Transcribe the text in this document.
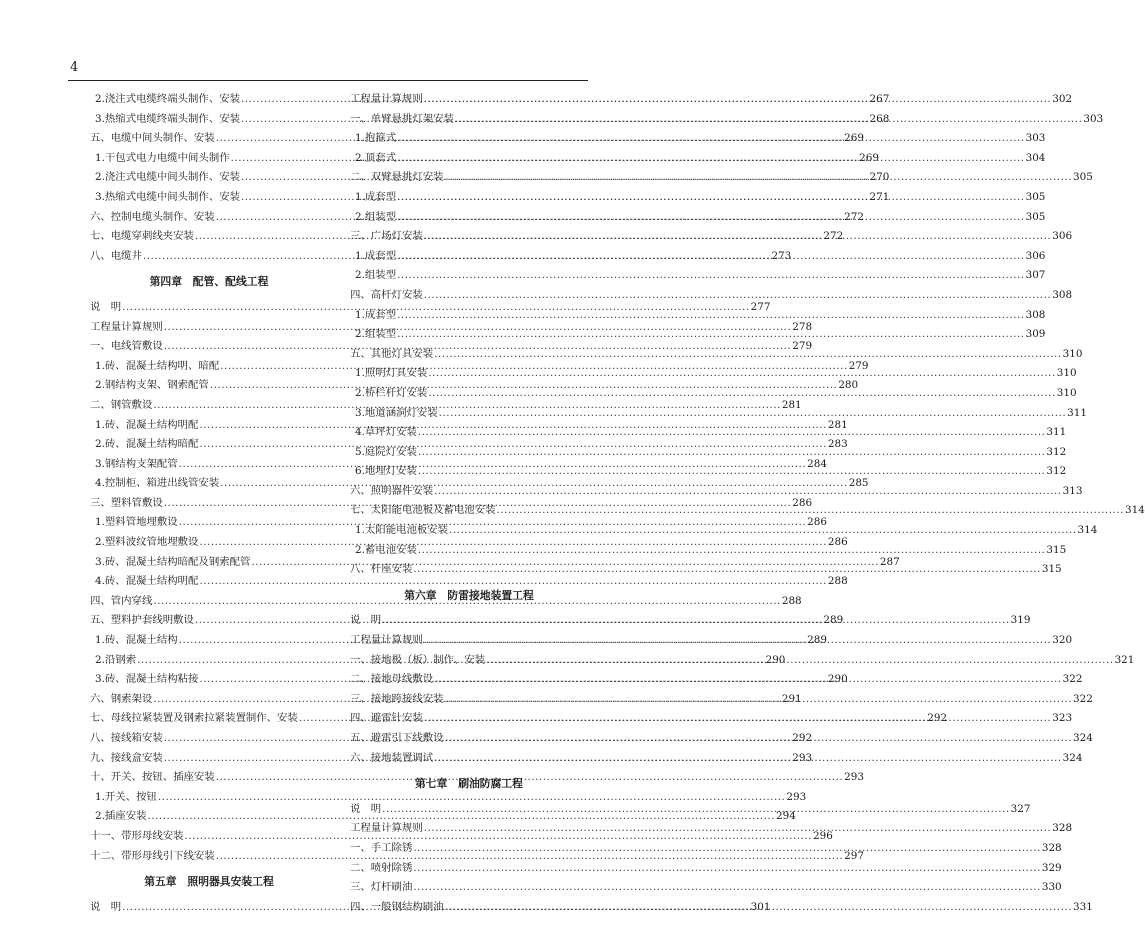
4
2.浇注式电缆终端头制作、安装 .....	267
3.热缩式电缆终端头制作、安装 .....	268
五、电缆中间头制作、安装 .....	269
1.干包式电力电缆中间头制作 .....	269
2.浇注式电缆中间头制作、安装 .....	270
3.热缩式电缆中间头制作、安装 .....	271
六、控制电缆头制作、安装 .....	272
七、电缆穿刺线夹安装 .....	272
八、电缆井 .....	273
第四章　配管、配线工程
说　明 .....	277
工程量计算规则 .....	278
一、电线管敷设 .....	279
1.砖、混凝土结构明、暗配 .....	279
2.钢结构支架、钢索配管 .....	280
二、钢管敷设 .....	281
1.砖、混凝土结构明配 .....	281
2.砖、混凝土结构暗配 .....	283
3.钢结构支架配管 .....	284
4.控制柜、箱进出线管安装 .....	285
三、塑料管敷设 .....	286
1.塑料管地埋敷设 .....	286
2.塑料波纹管地埋敷设 .....	286
3.砖、混凝土结构暗配及钢索配管 .....	287
4.砖、混凝土结构明配 .....	288
四、管内穿线 .....	288
五、塑料护套线明敷设 .....	289
1.砖、混凝土结构 .....	289
2.沿钢索 .....	290
3.砖、混凝土结构粘接 .....	290
六、钢索架设 .....	291
七、母线拉紧装置及钢索拉紧装置制作、安装 .....	292
八、接线箱安装 .....	292
九、接线盒安装 .....	293
十、开关、按钮、插座安装 .....	293
1.开关、按钮 .....	293
2.插座安装 .....	294
十一、带形母线安装 .....	296
十二、带形母线引下线安装 .....	297
第五章　照明器具安装工程
说　明 .....	301
工程量计算规则 .....	302
一、单臂悬挑灯架安装 .....	303
1.抱箍式 .....	303
2.顶套式 .....	304
二、双臂悬挑灯安装 .....	305
1.成套型 .....	305
2.组装型 .....	305
三、广场灯安装 .....	306
1.成套型 .....	306
2.组装型 .....	307
四、高杆灯安装 .....	308
1.成套型 .....	308
2.组装型 .....	309
五、其他灯具安装 .....	310
1.照明灯具安装 .....	310
2.桥栏杆灯安装 .....	310
3.地道涵洞灯安装 .....	311
4.草坪灯安装 .....	311
5.庭院灯安装 .....	312
6.地埋灯安装 .....	312
六、照明器件安装 .....	313
七、太阳能电池板及蓄电池安装 .....	314
1.太阳能电池板安装 .....	314
2.蓄电池安装 .....	315
八、杆座安装 .....	315
第六章　防雷接地装置工程
说　明 .....	319
工程量计算规则 .....	320
一、接地极（板）制作、安装 .....	321
二、接地母线敷设 .....	322
三、接地跨接线安装 .....	322
四、避雷针安装 .....	323
五、避雷引下线敷设 .....	324
六、接地装置调试 .....	324
第七章　刷油防腐工程
说　明 .....	327
工程量计算规则 .....	328
一、手工除锈 .....	328
二、喷射除锈 .....	329
三、灯杆刷油 .....	330
四、一般钢结构刷油 .....	331
